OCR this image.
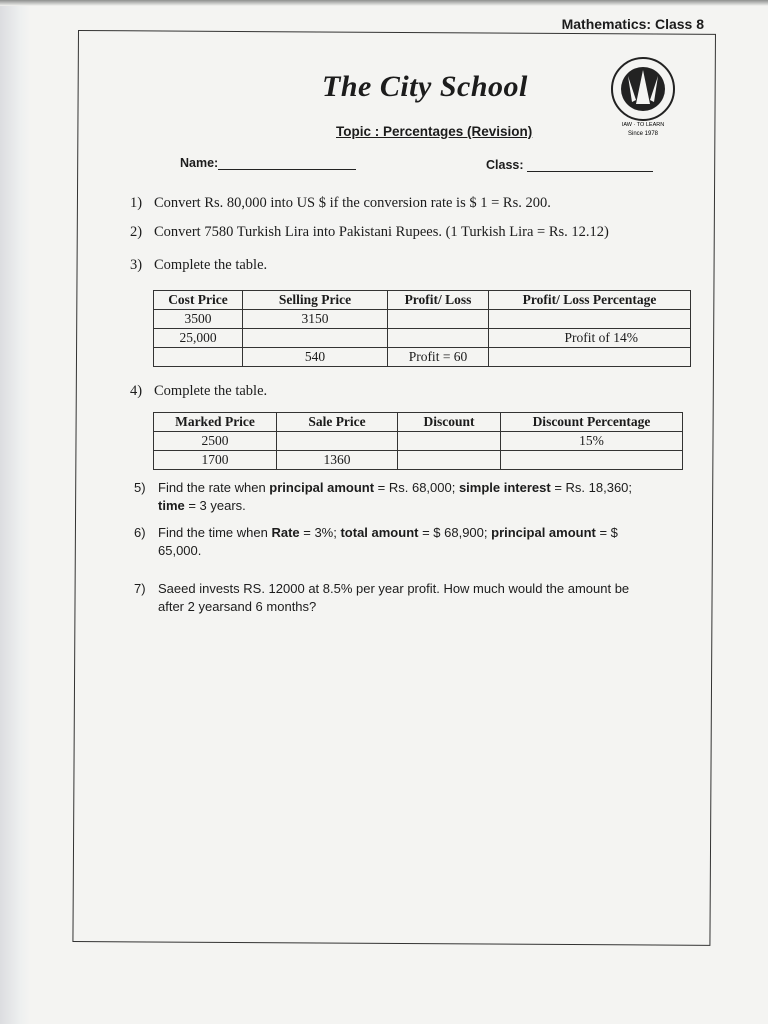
Mathematics: Class 8
The City School
IAW · TO LEARN
Since 1978
Topic : Percentages (Revision)
Name:	Class:
1) Convert Rs. 80,000 into US $ if the conversion rate is $ 1 = Rs. 200.
2) Convert 7580 Turkish Lira into Pakistani Rupees. (1 Turkish Lira = Rs. 12.12)
3) Complete the table.
Cost Price	Selling Price	Profit/ Loss	Profit/ Loss Percentage
3500	3150		
25,000			Profit of 14%
	540	Profit = 60	
4) Complete the table.
Marked Price	Sale Price	Discount	Discount Percentage
2500			15%
1700	1360		
5) Find the rate when principal amount = Rs. 68,000; simple interest = Rs. 18,360;
time = 3 years.
6) Find the time when Rate = 3%; total amount = $ 68,900; principal amount = $
65,000.
7) Saeed invests RS. 12000 at 8.5% per year profit. How much would the amount be
after 2 yearsand 6 months?
